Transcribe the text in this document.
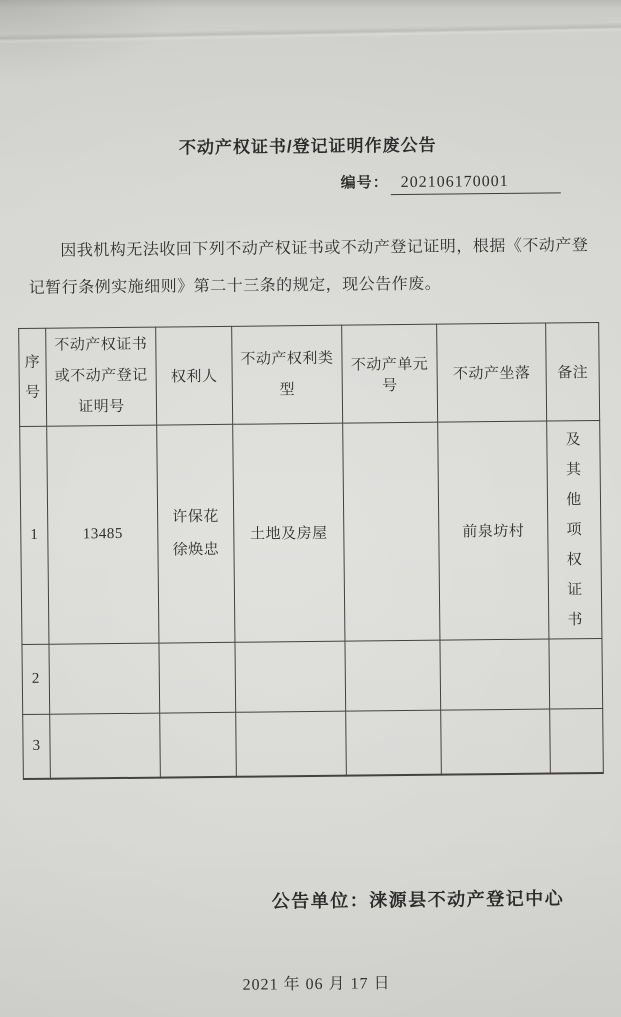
不动产权证书/登记证明作废公告
编号： 202106170001
因我机构无法收回下列不动产权证书或不动产登记证明，根据《不动产登
记暂行条例实施细则》第二十三条的规定，现公告作废。
序号	不动产权证书或不动产登记证明号	权利人	不动产权利类型	不动产单元号	不动产坐落	备注
1	13485	许保花
徐焕忠	土地及房屋		前泉坊村	及其他项权证书

2						
3						
公告单位：涞源县不动产登记中心
2021 年 06 月 17 日
